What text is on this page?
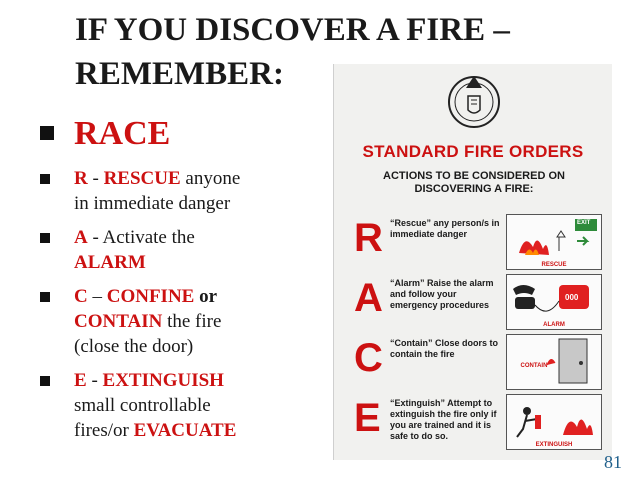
IF YOU DISCOVER A FIRE –
REMEMBER:
RACE
R - RESCUE anyone
in immediate danger
A - Activate the
ALARM
C – CONFINE or
CONTAIN the fire
(close the door)
E - EXTINGUISH
small controllable
fires/or EVACUATE
STANDARD FIRE ORDERS
ACTIONS TO BE CONSIDERED ON DISCOVERING A FIRE:
R “Rescue” any person/s in immediate danger
RESCUE
EXIT
A “Alarm” Raise the alarm and follow your emergency procedures
000
ALARM
C “Contain” Close doors to contain the fire
CONTAIN
E “Extinguish” Attempt to extinguish the fire only if you are trained and it is safe to do so.
EXTINGUISH
81
